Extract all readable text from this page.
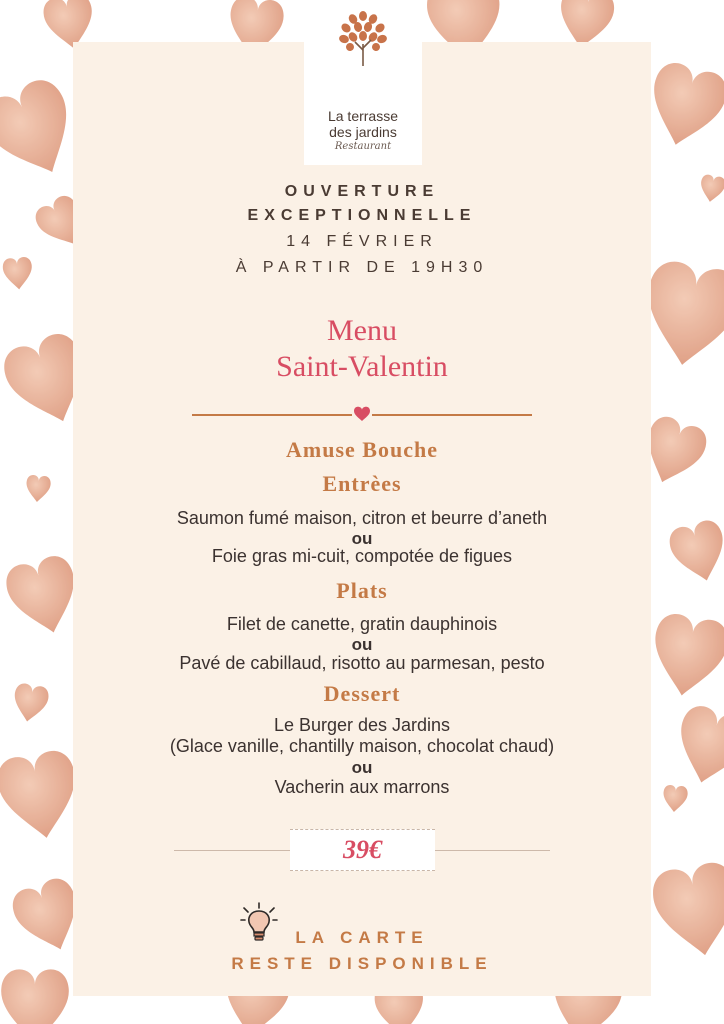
La terrasse
des jardins
Restaurant
OUVERTURE
EXCEPTIONNELLE
14 FÉVRIER
À PARTIR DE 19H30
Menu
Saint-Valentin
Amuse Bouche
Entrèes
Saumon fumé maison, citron et beurre d’aneth
ou
Foie gras mi-cuit, compotée de figues
Plats
Filet de canette, gratin dauphinois
ou
Pavé de cabillaud, risotto au parmesan, pesto
Dessert
Le Burger des Jardins
(Glace vanille, chantilly maison, chocolat chaud)
ou
Vacherin aux marrons
39€
LA CARTE
RESTE DISPONIBLE
